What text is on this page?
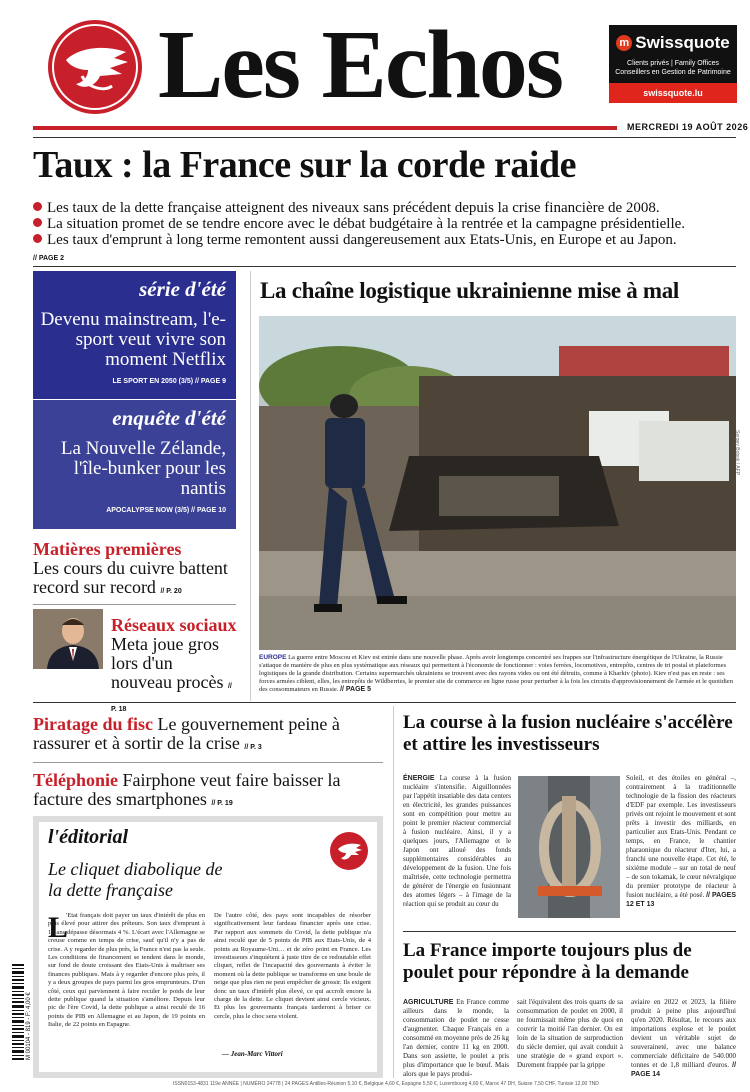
Les Echos	m Swissquote
Clients privés | Family Offices
Conseillers en Gestion de Patrimoine
swissquote.lu
MERCREDI 19 AOÛT 2026
Taux : la France sur la corde raide
Les taux de la dette française atteignent des niveaux sans précédent depuis la crise financière de 2008.
La situation promet de se tendre encore avec le débat budgétaire à la rentrée et la campagne présidentielle.
Les taux d'emprunt à long terme remontent aussi dangereusement aux Etats-Unis, en Europe et au Japon.
// PAGE 2
série d'été
Devenu mainstream, l'e-sport veut vivre son moment Netflix
LE SPORT EN 2050 (3/5) // PAGE 9
enquête d'été
La Nouvelle Zélande, l'île-bunker pour les nantis
APOCALYPSE NOW (3/5) // PAGE 10
Matières premières
Les cours du cuivre battent record sur record // P. 20
Réseaux sociaux Meta joue gros lors d'un nouveau procès // P. 18
La chaîne logistique ukrainienne mise à mal
Sergey Bobok / AFP
EUROPE La guerre entre Moscou et Kiev est entrée dans une nouvelle phase. Après avoir longtemps concentré ses frappes sur l'infrastructure énergétique de l'Ukraine, la Russie s'attaque de manière de plus en plus systématique aux réseaux qui permettent à l'économie de fonctionner : voies ferrées, locomotives, entrepôts, centres de tri postal et plateformes logistiques de la grande distribution. Certains supermarchés ukrainiens se trouvent avec des rayons vides ou ont été détruits, comme à Kharkiv (photo). Kiev n'est pas en reste : ses forces armées ciblent, elles, les entrepôts de Wildberries, le premier site de commerce en ligne russe pour perturber à la fois les circuits d'approvisionnement de l'armée et le quotidien des consommateurs en Russie. // PAGE 5
Piratage du fisc Le gouvernement peine à rassurer et à sortir de la crise // P. 3
Téléphonie Fairphone veut faire baisser la facture des smartphones // P. 19
l'éditorial
Le cliquet diabolique de la dette française
L
'Etat français doit payer un taux d'intérêt de plus en plus élevé pour attirer des prêteurs. Son taux d'emprunt à 10 ans dépasse désormais 4 %. L'écart avec l'Allemagne se creuse comme en temps de crise, sauf qu'il n'y a pas de crise. A y regarder de plus près, la France n'est pas la seule. Les conditions de financement se tendent dans le monde, sur fond de doute croissant des Etats-Unis à maîtriser ses finances publiques. Mais à y regarder d'encore plus près, il y a deux groupes de pays parmi les gros emprunteurs. D'un côté, ceux qui parviennent à faire reculer le poids de leur dette publique quand la situation s'améliore. Depuis leur pic de l'ère Covid, la dette publique a ainsi reculé de 16 points de PIB en Allemagne et au Japon, de 19 points en Italie, de 22 points en Espagne.
De l'autre côté, des pays sont incapables de résorber significativement leur fardeau financier après une crise. Par rapport aux sommets du Covid, la dette publique n'a ainsi reculé que de 5 points de PIB aux Etats-Unis, de 4 points au Royaume-Uni… et de zéro point en France. Les investisseurs s'inquiètent à juste titre de ce redoutable effet cliquet, reflet de l'incapacité des gouvernants à éviter le moment où la dette publique se transforme en une boule de neige que plus rien ne peut empêcher de grossir. Ils exigent donc un taux d'intérêt plus élevé, ce qui accroît encore la charge de la dette. Le cliquet devient ainsi cercle vicieux. Et plus les gouvernants français tarderont à briser ce cercle, plus le choc sera violent.
— Jean-Marc Vittori
La course à la fusion nucléaire s'accélère et attire les investisseurs
ÉNERGIE La course à la fusion nucléaire s'intensifie. Aiguillonnées par l'appétit insatiable des data centers en électricité, les grandes puissances sont en compétition pour mettre au point le premier réacteur commercial à fusion nucléaire. Ainsi, il y a quelques jours, l'Allemagne et le Japon ont alloué des fonds supplémentaires considérables au développement de la fusion. Une fois maîtrisée, cette technologie permettra de générer de l'énergie en fusionnant des atomes légers – à l'image de la réaction qui se produit au cœur du
Soleil, et des étoiles en général –, contrairement à la traditionnelle technologie de la fission des réacteurs d'EDF par exemple. Les investisseurs privés ont rejoint le mouvement et sont prêts à investir des milliards, en particulier aux Etats-Unis. Pendant ce temps, en France, le chantier pharaonique du réacteur d'Iter, lui, a franchi une nouvelle étape. Cet été, le sixième module – sur un total de neuf – de son tokamak, le cœur névralgique du premier prototype de réacteur à fusion nucléaire, a été posé. // PAGES 12 ET 13
La France importe toujours plus de poulet pour répondre à la demande
AGRICULTURE En France comme ailleurs dans le monde, la consommation de poulet ne cesse d'augmenter. Chaque Français en a consommé en moyenne près de 26 kg l'an dernier, contre 11 kg en 2000. Dans son assiette, le poulet a pris plus d'importance que le bœuf. Mais alors que le pays produi-
sait l'équivalent des trois quarts de sa consommation de poulet en 2000, il ne fournissait même plus de quoi en couvrir la moitié l'an dernier. On est loin de la situation de surproduction du siècle dernier, qui avait conduit à une stratégie de « grand export ». Durement frappée par la grippe
aviaire en 2022 et 2023, la filière produit à peine plus aujourd'hui qu'en 2020. Résultat, le recours aux importations explose et le poulet devient un véritable sujet de souveraineté, avec une balance commerciale déficitaire de 540.000 tonnes et de 1,8 milliard d'euros. // PAGE 14
M 00104 - 819 - F: 4,00 €
ISSN0153-4831 119e ANNÉE | NUMÉRO 24778 | 24 PAGES Antilles-Réunion 5,10 €, Belgique 4,60 €, Espagne 5,50 €, Luxembourg 4,60 €, Maroc 47 DH, Suisse 7,50 CHF, Tunisie 12,00 TND
